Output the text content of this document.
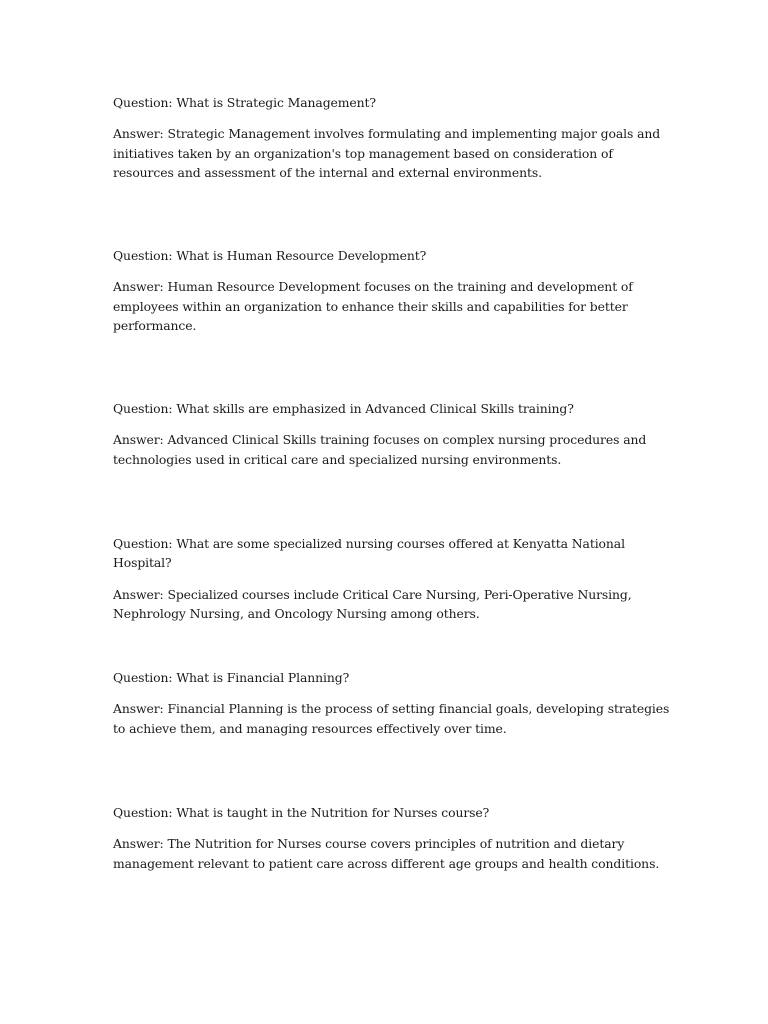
Question: What is Strategic Management?

Answer: Strategic Management involves formulating and implementing major goals and initiatives taken by an organization's top management based on consideration of resources and assessment of the internal and external environments.

Question: What is Human Resource Development?

Answer: Human Resource Development focuses on the training and development of employees within an organization to enhance their skills and capabilities for better performance.

Question: What skills are emphasized in Advanced Clinical Skills training?

Answer: Advanced Clinical Skills training focuses on complex nursing procedures and technologies used in critical care and specialized nursing environments.

Question: What are some specialized nursing courses offered at Kenyatta National Hospital?

Answer: Specialized courses include Critical Care Nursing, Peri-Operative Nursing, Nephrology Nursing, and Oncology Nursing among others.

Question: What is Financial Planning?

Answer: Financial Planning is the process of setting financial goals, developing strategies to achieve them, and managing resources effectively over time.

Question: What is taught in the Nutrition for Nurses course?

Answer: The Nutrition for Nurses course covers principles of nutrition and dietary management relevant to patient care across different age groups and health conditions.
